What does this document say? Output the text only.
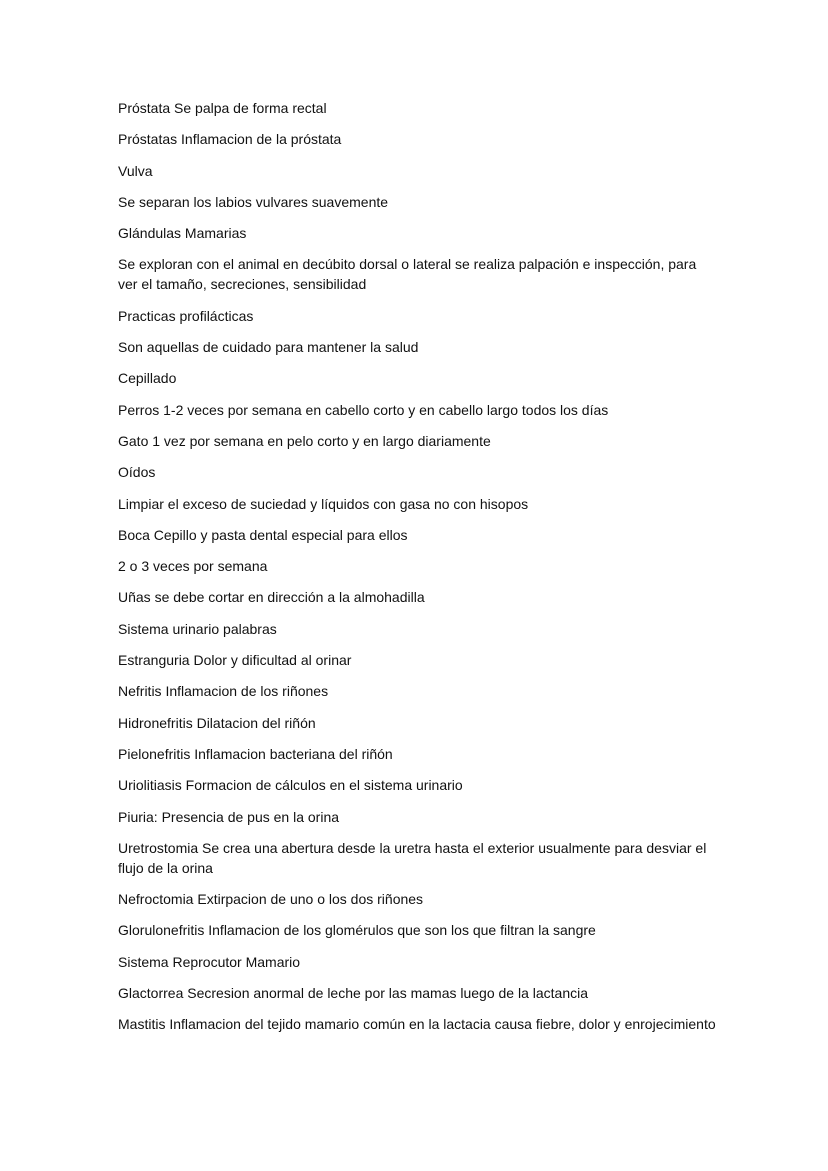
Próstata Se palpa de forma rectal

Próstatas Inflamacion de la próstata

Vulva

Se separan los labios vulvares suavemente

Glándulas Mamarias

Se exploran con el animal en decúbito dorsal o lateral se realiza palpación e inspección, para ver el tamaño, secreciones, sensibilidad

Practicas profilácticas

Son aquellas de cuidado para mantener la salud

Cepillado

Perros 1-2 veces por semana en cabello corto y en cabello largo todos los días

Gato 1 vez por semana en pelo corto y en largo diariamente

Oídos

Limpiar el exceso de suciedad y líquidos con gasa no con hisopos

Boca Cepillo y pasta dental especial para ellos

2 o 3 veces por semana

Uñas se debe cortar en dirección a la almohadilla

Sistema urinario palabras

Estranguria Dolor y dificultad al orinar

Nefritis Inflamacion de los riñones

Hidronefritis Dilatacion del riñón

Pielonefritis Inflamacion bacteriana del riñón

Uriolitiasis Formacion de cálculos en el sistema urinario

Piuria: Presencia de pus en la orina

Uretrostomia Se crea una abertura desde la uretra hasta el exterior usualmente para desviar el flujo de la orina

Nefroctomia Extirpacion de uno o los dos riñones

Glorulonefritis Inflamacion de los glomérulos que son los que filtran la sangre

Sistema Reprocutor Mamario

Glactorrea Secresion anormal de leche por las mamas luego de la lactancia

Mastitis Inflamacion del tejido mamario común en la lactacia causa fiebre, dolor y enrojecimiento
